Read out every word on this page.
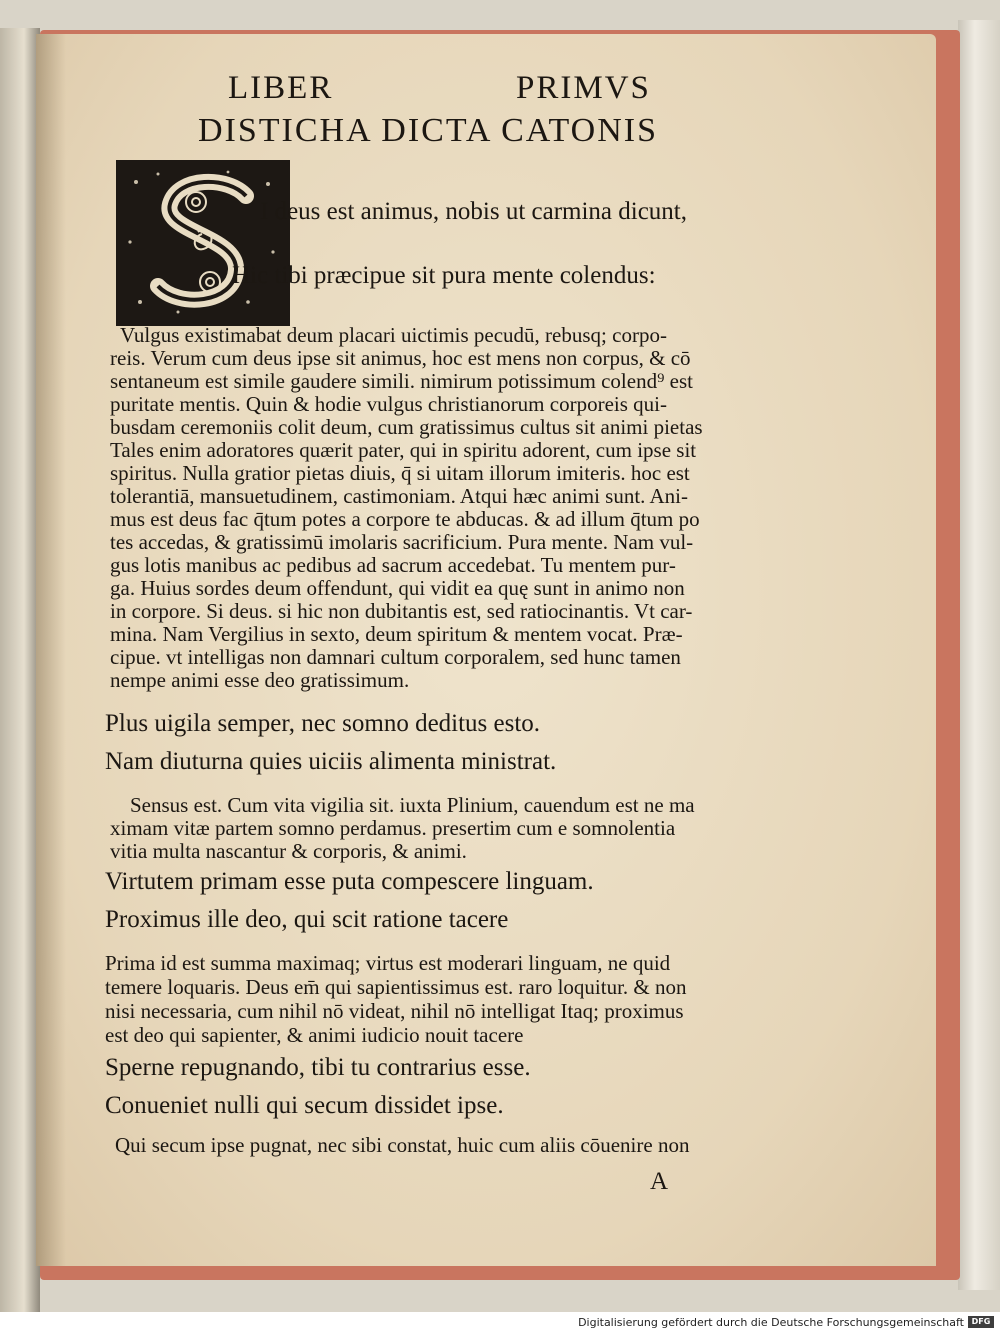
LIBER	PRIMVS
DISTICHA DICTA CATONIS
I deus est animus, nobis ut carmina dicunt,
Hic tibi præcipue sit pura mente colendus:
Vulgus existimabat deum placari uictimis pecudū, rebusq; corpo-
reis. Verum cum deus ipse sit animus, hoc est mens non corpus, & cō
sentaneum est simile gaudere simili. nimirum potissimum colend⁹ est
puritate mentis. Quin & hodie vulgus christianorum corporeis qui-
busdam ceremoniis colit deum, cum gratissimus cultus sit animi pietas
Tales enim adoratores quærit pater, qui in spiritu adorent, cum ipse sit
spiritus. Nulla gratior pietas diuis, q̄ si uitam illorum imiteris. hoc est
tolerantiā, mansuetudinem, castimoniam. Atqui hæc animi sunt. Ani-
mus est deus fac q̄tum potes a corpore te abducas. & ad illum q̄tum po
tes accedas, & gratissimū imolaris sacrificium. Pura mente. Nam vul-
gus lotis manibus ac pedibus ad sacrum accedebat. Tu mentem pur-
ga. Huius sordes deum offendunt, qui vidit ea quę sunt in animo non
in corpore. Si deus. si hic non dubitantis est, sed ratiocinantis. Vt car-
mina. Nam Vergilius in sexto, deum spiritum & mentem vocat. Præ-
cipue. vt intelligas non damnari cultum corporalem, sed hunc tamen
nempe animi esse deo gratissimum.
Plus uigila semper, nec somno deditus esto.
Nam diuturna quies uiciis alimenta ministrat.
Sensus est. Cum vita vigilia sit. iuxta Plinium, cauendum est ne ma
ximam vitæ partem somno perdamus. presertim cum e somnolentia
vitia multa nascantur & corporis, & animi.
Virtutem primam esse puta compescere linguam.
Proximus ille deo, qui scit ratione tacere
Prima id est summa maximaq; virtus est moderari linguam, ne quid
temere loquaris. Deus em̄ qui sapientissimus est. raro loquitur. & non
nisi necessaria, cum nihil nō videat, nihil nō intelligat Itaq; proximus
est deo qui sapienter, & animi iudicio nouit tacere
Sperne repugnando, tibi tu contrarius esse.
Conueniet nulli qui secum dissidet ipse.
Qui secum ipse pugnat, nec sibi constat, huic cum aliis cōuenire non
A
Digitalisierung gefördert durch die Deutsche Forschungsgemeinschaft DFG
